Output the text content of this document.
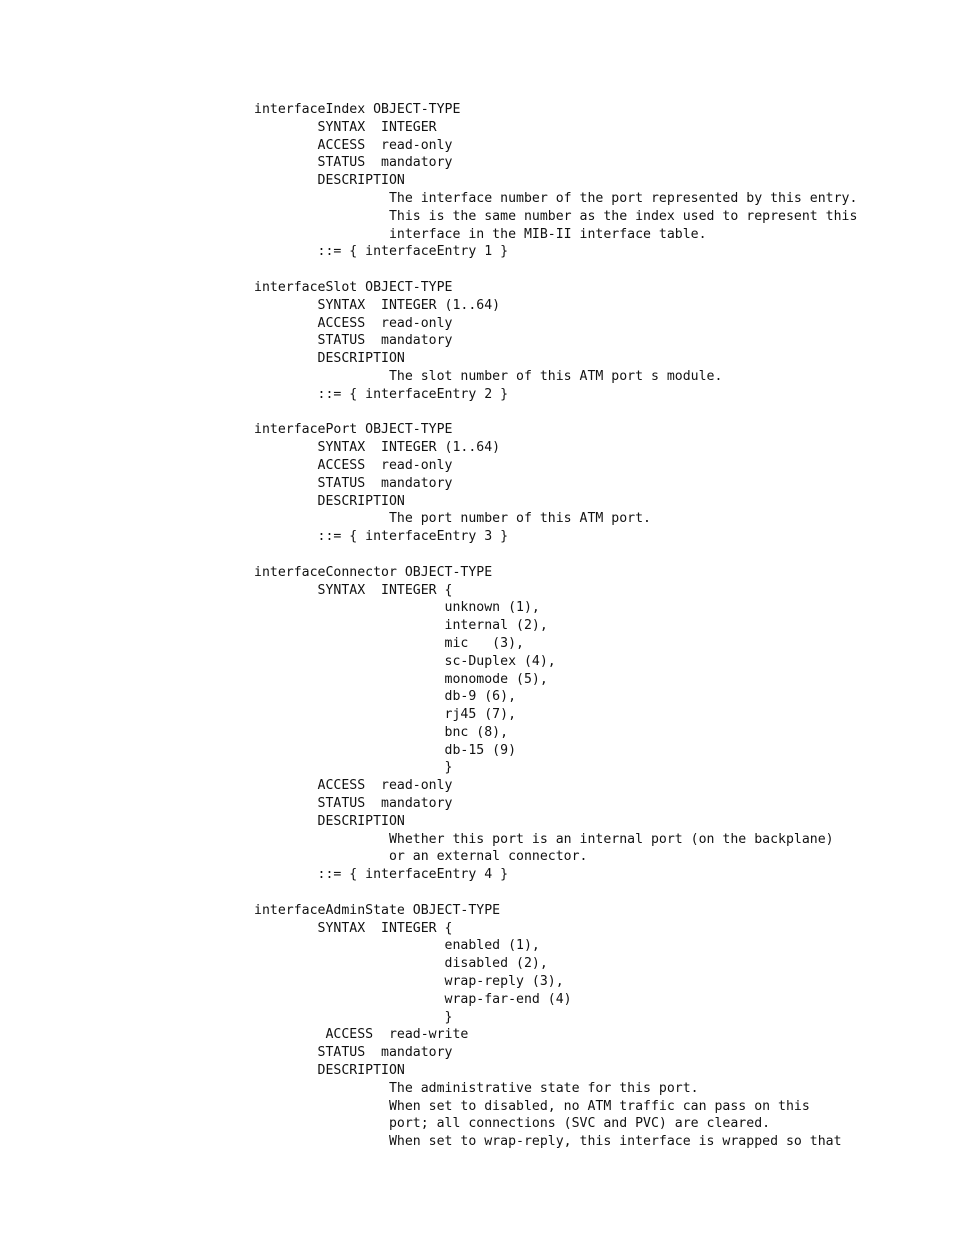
interfaceIndex OBJECT-TYPE
SYNTAX  INTEGER
ACCESS  read-only
STATUS  mandatory
DESCRIPTION
The interface number of the port represented by this entry.
This is the same number as the index used to represent this
interface in the MIB-II interface table.
::= { interfaceEntry 1 }
interfaceSlot OBJECT-TYPE
SYNTAX  INTEGER (1..64)
ACCESS  read-only
STATUS  mandatory
DESCRIPTION
The slot number of this ATM port s module.
::= { interfaceEntry 2 }
interfacePort OBJECT-TYPE
SYNTAX  INTEGER (1..64)
ACCESS  read-only
STATUS  mandatory
DESCRIPTION
The port number of this ATM port.
::= { interfaceEntry 3 }
interfaceConnector OBJECT-TYPE
SYNTAX  INTEGER {
unknown (1),
internal (2),
mic   (3),
sc-Duplex (4),
monomode (5),
db-9 (6),
rj45 (7),
bnc (8),
db-15 (9)
}
ACCESS  read-only
STATUS  mandatory
DESCRIPTION
Whether this port is an internal port (on the backplane)
or an external connector.
::= { interfaceEntry 4 }
interfaceAdminState OBJECT-TYPE
SYNTAX  INTEGER {
enabled (1),
disabled (2),
wrap-reply (3),
wrap-far-end (4)
}
ACCESS  read-write
STATUS  mandatory
DESCRIPTION
The administrative state for this port.
When set to disabled, no ATM traffic can pass on this
port; all connections (SVC and PVC) are cleared.
When set to wrap-reply, this interface is wrapped so that
